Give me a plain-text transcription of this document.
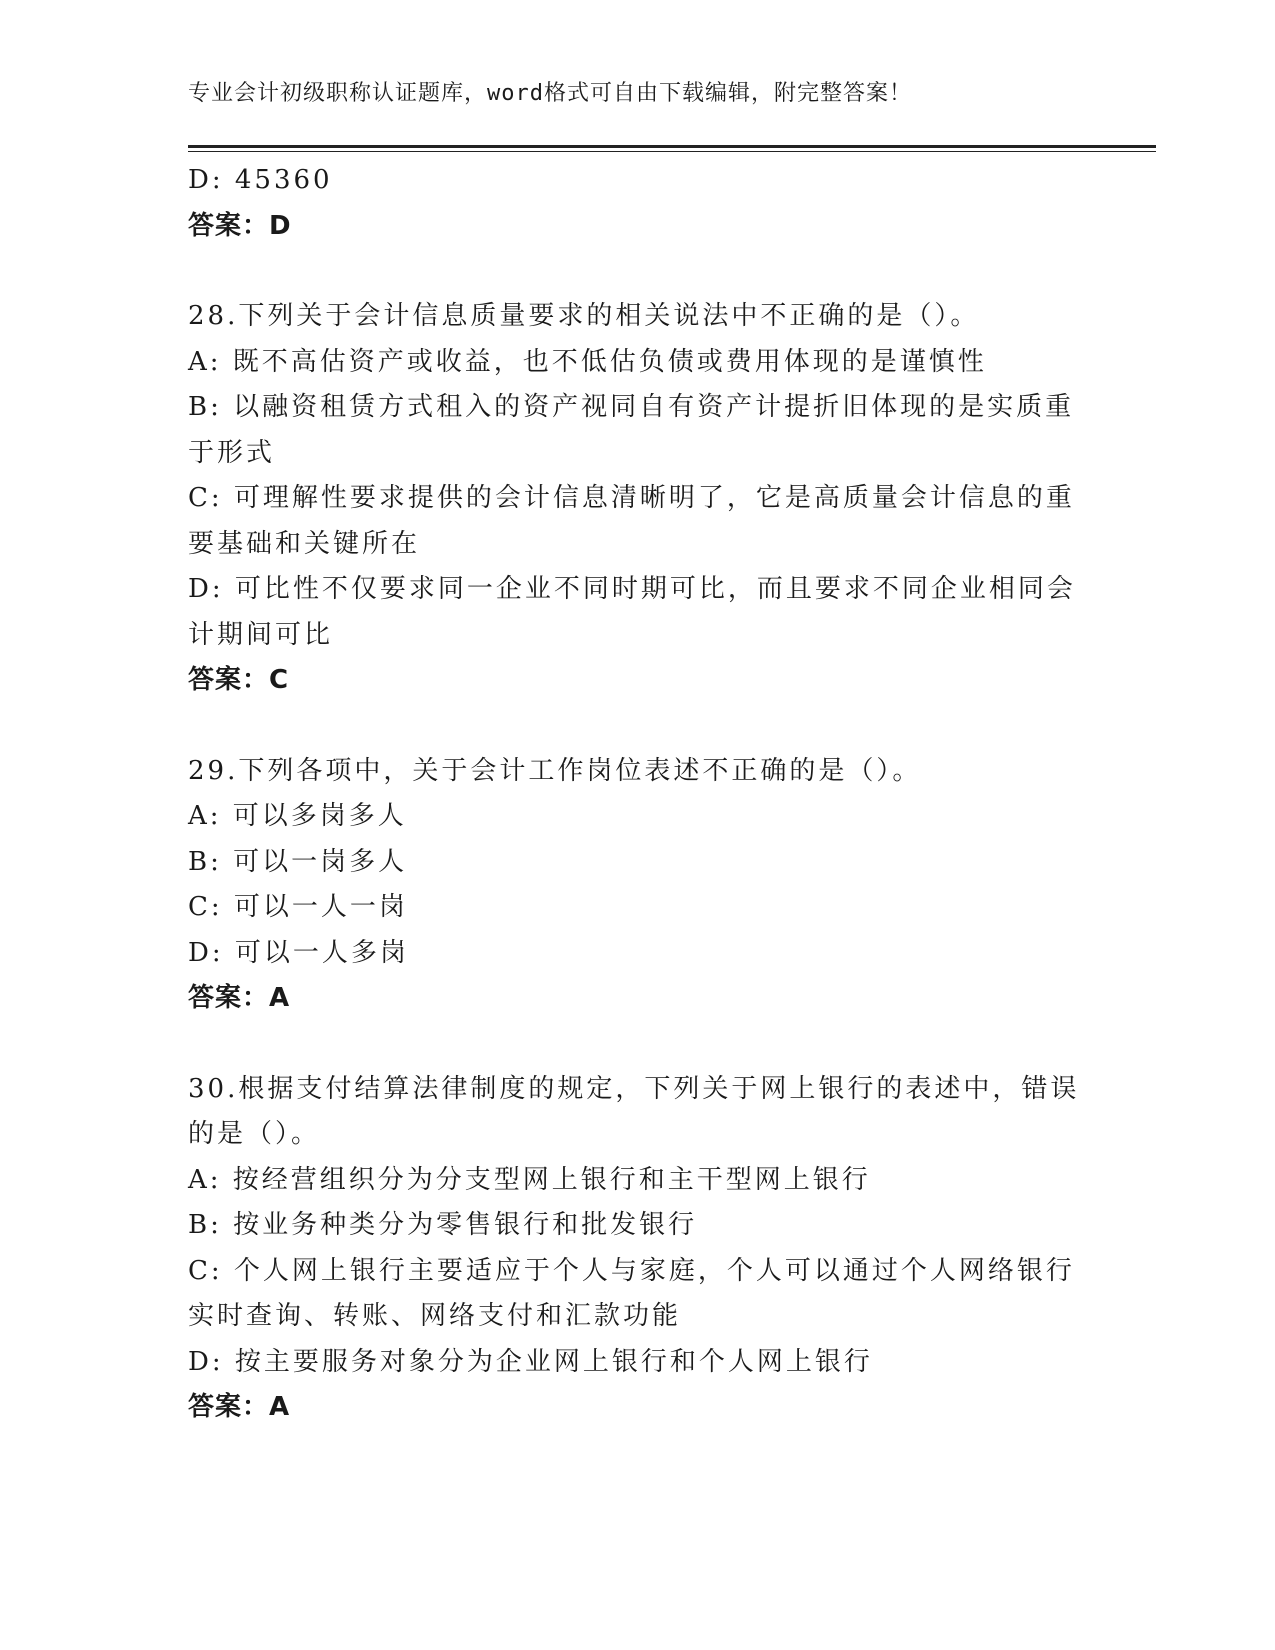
专业会计初级职称认证题库，word格式可自由下载编辑，附完整答案！
D: 45360
答案：D
28.下列关于会计信息质量要求的相关说法中不正确的是（）。
A: 既不高估资产或收益，也不低估负债或费用体现的是谨慎性
B: 以融资租赁方式租入的资产视同自有资产计提折旧体现的是实质重
于形式
C: 可理解性要求提供的会计信息清晰明了，它是高质量会计信息的重
要基础和关键所在
D: 可比性不仅要求同一企业不同时期可比，而且要求不同企业相同会
计期间可比
答案：C
29.下列各项中，关于会计工作岗位表述不正确的是（）。
A: 可以多岗多人
B: 可以一岗多人
C: 可以一人一岗
D: 可以一人多岗
答案：A
30.根据支付结算法律制度的规定，下列关于网上银行的表述中，错误
的是（）。
A: 按经营组织分为分支型网上银行和主干型网上银行
B: 按业务种类分为零售银行和批发银行
C: 个人网上银行主要适应于个人与家庭，个人可以通过个人网络银行
实时查询、转账、网络支付和汇款功能
D: 按主要服务对象分为企业网上银行和个人网上银行
答案：A
